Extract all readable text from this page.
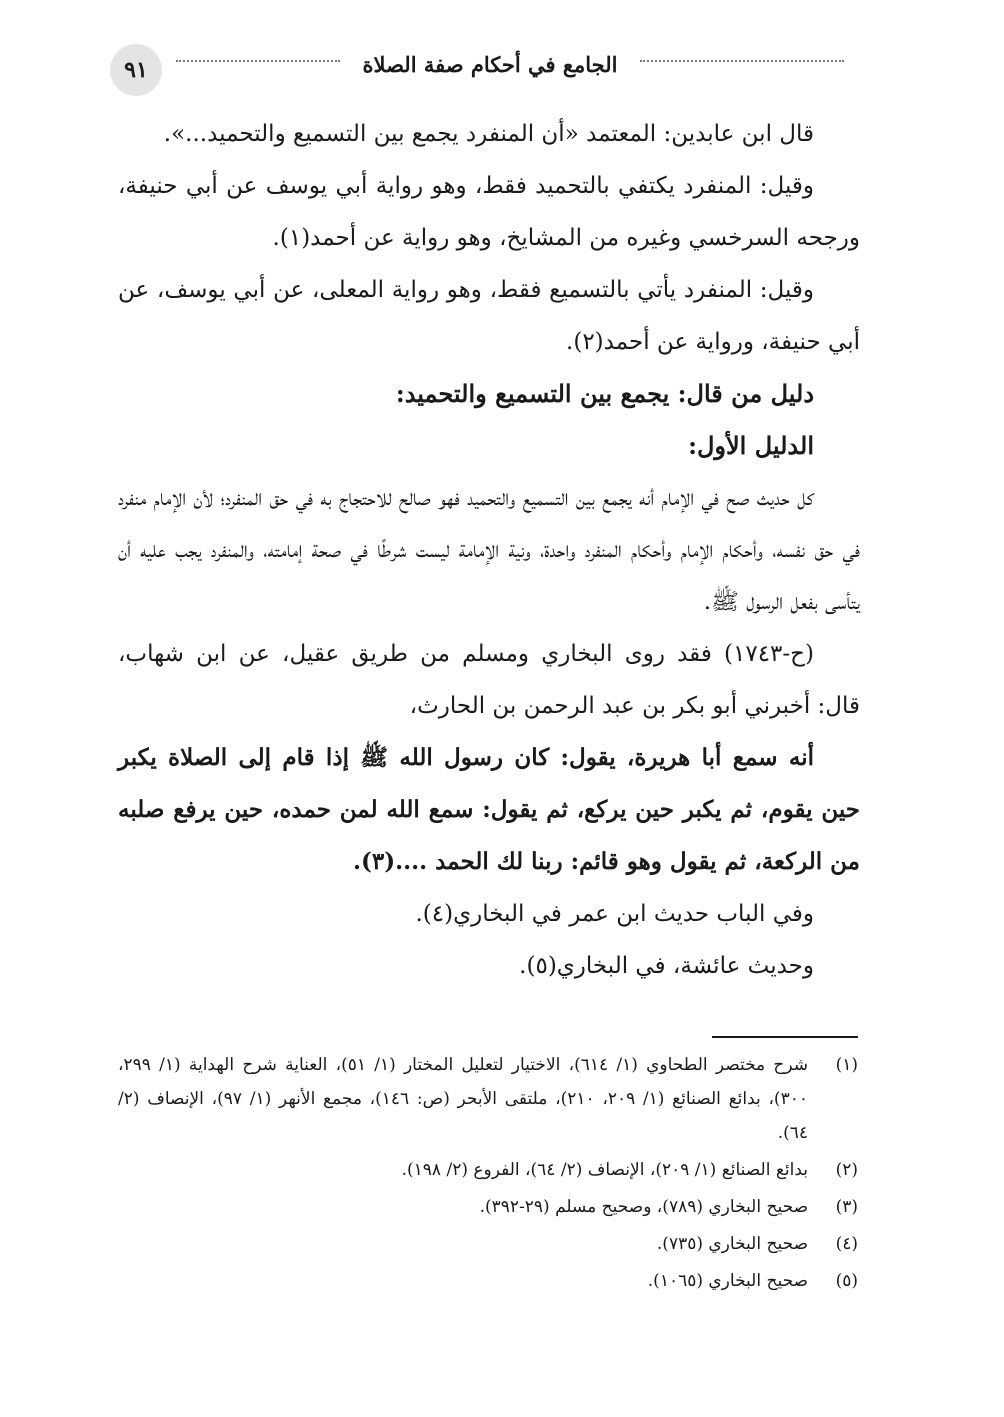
٩١	الجامع في أحكام صفة الصلاة

قال ابن عابدين: المعتمد «أن المنفرد يجمع بين التسميع والتحميد...».

وقيل: المنفرد يكتفي بالتحميد فقط، وهو رواية أبي يوسف عن أبي حنيفة، ورجحه السرخسي وغيره من المشايخ، وهو رواية عن أحمد(١).

وقيل: المنفرد يأتي بالتسميع فقط، وهو رواية المعلى، عن أبي يوسف، عن أبي حنيفة، ورواية عن أحمد(٢).

دليل من قال: يجمع بين التسميع والتحميد:

الدليل الأول:

كل حديث صح في الإمام أنه يجمع بين التسميع والتحميد فهو صالح للاحتجاج به في حق المنفرد؛ لأن الإمام منفرد في حق نفسه، وأحكام الإمام وأحكام المنفرد واحدة، ونية الإمامة ليست شرطًا في صحة إمامته، والمنفرد يجب عليه أن يتأسى بفعل الرسول ﷺ.

(ح-١٧٤٣) فقد روى البخاري ومسلم من طريق عقيل، عن ابن شهاب، قال: أخبرني أبو بكر بن عبد الرحمن بن الحارث،

أنه سمع أبا هريرة، يقول: كان رسول الله ﷺ إذا قام إلى الصلاة يكبر حين يقوم، ثم يكبر حين يركع، ثم يقول: سمع الله لمن حمده، حين يرفع صلبه من الركعة، ثم يقول وهو قائم: ربنا لك الحمد ....(٣).

وفي الباب حديث ابن عمر في البخاري(٤).

وحديث عائشة، في البخاري(٥).

(١)
شرح مختصر الطحاوي (١/ ٦١٤)، الاختيار لتعليل المختار (١/ ٥١)، العناية شرح الهداية (١/ ٢٩٩، ٣٠٠)، بدائع الصنائع (١/ ٢٠٩، ٢١٠)، ملتقى الأبحر (ص: ١٤٦)، مجمع الأنهر (١/ ٩٧)، الإنصاف (٢/ ٦٤).

(٢)
بدائع الصنائع (١/ ٢٠٩)، الإنصاف (٢/ ٦٤)، الفروع (٢/ ١٩٨).

(٣)
صحيح البخاري (٧٨٩)، وصحيح مسلم (٢٩-٣٩٢).

(٤)
صحيح البخاري (٧٣٥).

(٥)
صحيح البخاري (١٠٦٥).
